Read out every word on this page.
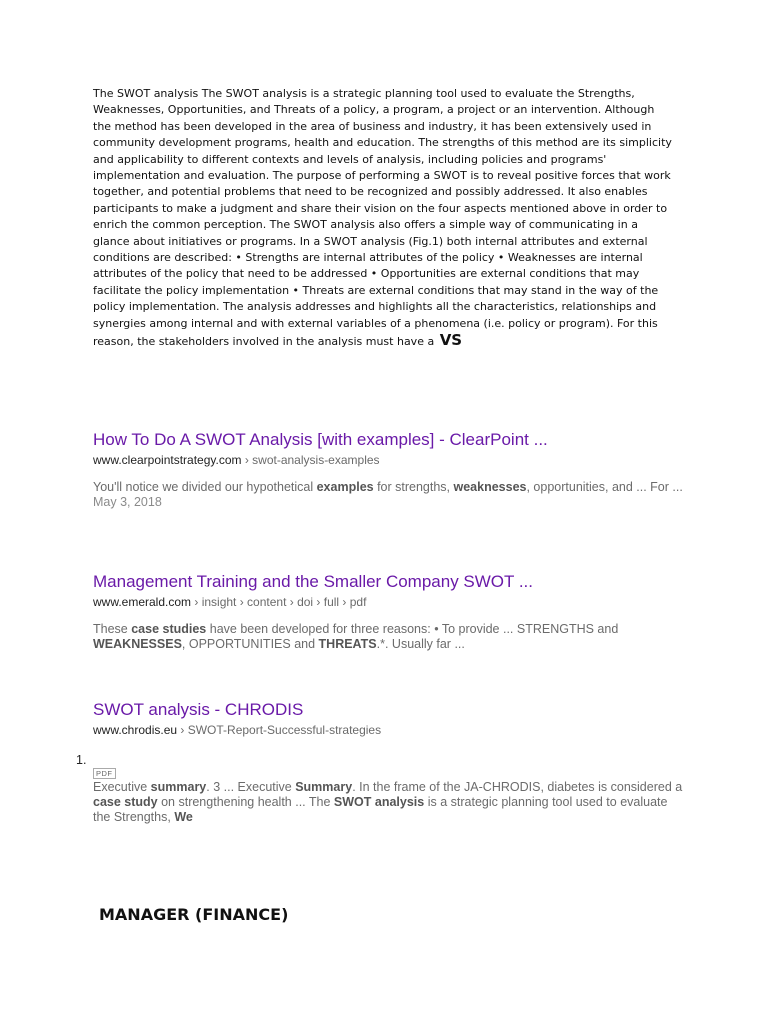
The SWOT analysis The SWOT analysis is a strategic planning tool used to evaluate the Strengths, Weaknesses, Opportunities, and Threats of a policy, a program, a project or an intervention. Although the method has been developed in the area of business and industry, it has been extensively used in community development programs, health and education. The strengths of this method are its simplicity and applicability to different contexts and levels of analysis, including policies and programs' implementation and evaluation. The purpose of performing a SWOT is to reveal positive forces that work together, and potential problems that need to be recognized and possibly addressed. It also enables participants to make a judgment and share their vision on the four aspects mentioned above in order to enrich the common perception. The SWOT analysis also offers a simple way of communicating in a glance about initiatives or programs. In a SWOT analysis (Fig.1) both internal attributes and external conditions are described: • Strengths are internal attributes of the policy • Weaknesses are internal attributes of the policy that need to be addressed • Opportunities are external conditions that may facilitate the policy implementation • Threats are external conditions that may stand in the way of the policy implementation. The analysis addresses and highlights all the characteristics, relationships and synergies among internal and with external variables of a phenomena (i.e. policy or program). For this reason, the stakeholders involved in the analysis must have a VS

How To Do A SWOT Analysis [with examples] - ClearPoint ...
www.clearpointstrategy.com › swot-analysis-examples
You'll notice we divided our hypothetical examples for strengths, weaknesses, opportunities, and ... For ...
May 3, 2018
Management Training and the Smaller Company SWOT ...
www.emerald.com › insight › content › doi › full › pdf
These case studies have been developed for three reasons: • To provide ... STRENGTHS and WEAKNESSES, OPPORTUNITIES and THREATS.*. Usually far ...
SWOT analysis - CHRODIS
www.chrodis.eu › SWOT-Report-Successful-strategies
1.
PDF
Executive summary. 3 ... Executive Summary. In the frame of the JA-CHRODIS, diabetes is considered a case study on strengthening health ... The SWOT analysis is a strategic planning tool used to evaluate the Strengths, We
MANAGER (FINANCE)
